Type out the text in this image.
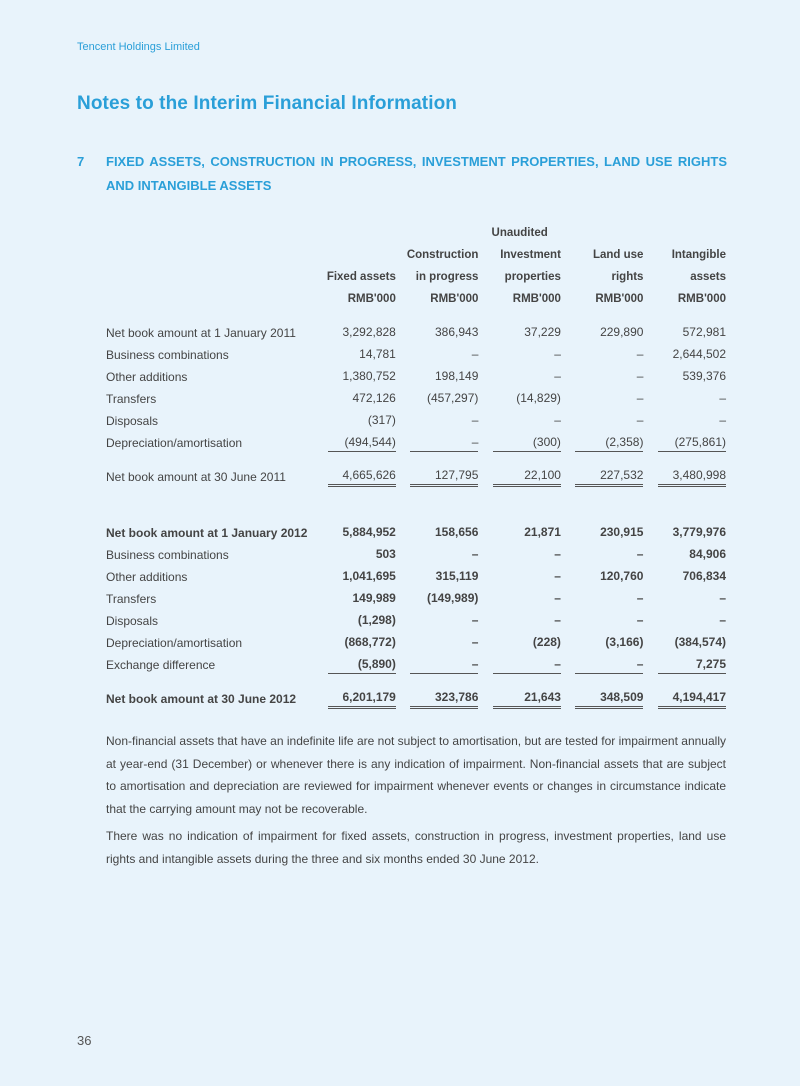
Tencent Holdings Limited
Notes to the Interim Financial Information
7 FIXED ASSETS, CONSTRUCTION IN PROGRESS, INVESTMENT PROPERTIES, LAND USE RIGHTS AND INTANGIBLE ASSETS
			Unaudited		
		Construction	Investment	Land use	Intangible
	Fixed assets	in progress	properties	rights	assets
	RMB'000	RMB'000	RMB'000	RMB'000	RMB'000

Net book amount at 1 January 2011	3,292,828	386,943	37,229	229,890	572,981
Business combinations	14,781	–	–	–	2,644,502
Other additions	1,380,752	198,149	–	–	539,376
Transfers	472,126	(457,297)	(14,829)	–	–
Disposals	(317)	–	–	–	–
Depreciation/amortisation	(494,544)	–	(300)	(2,358)	(275,861)

Net book amount at 30 June 2011	4,665,626	127,795	22,100	227,532	3,480,998

Net book amount at 1 January 2012	5,884,952	158,656	21,871	230,915	3,779,976
Business combinations	503	–	–	–	84,906
Other additions	1,041,695	315,119	–	120,760	706,834
Transfers	149,989	(149,989)	–	–	–
Disposals	(1,298)	–	–	–	–
Depreciation/amortisation	(868,772)	–	(228)	(3,166)	(384,574)
Exchange difference	(5,890)	–	–	–	7,275

Net book amount at 30 June 2012	6,201,179	323,786	21,643	348,509	4,194,417
Non-financial assets that have an indefinite life are not subject to amortisation, but are tested for impairment annually at year-end (31 December) or whenever there is any indication of impairment. Non-financial assets that are subject to amortisation and depreciation are reviewed for impairment whenever events or changes in circumstance indicate that the carrying amount may not be recoverable.
There was no indication of impairment for fixed assets, construction in progress, investment properties, land use rights and intangible assets during the three and six months ended 30 June 2012.
36
